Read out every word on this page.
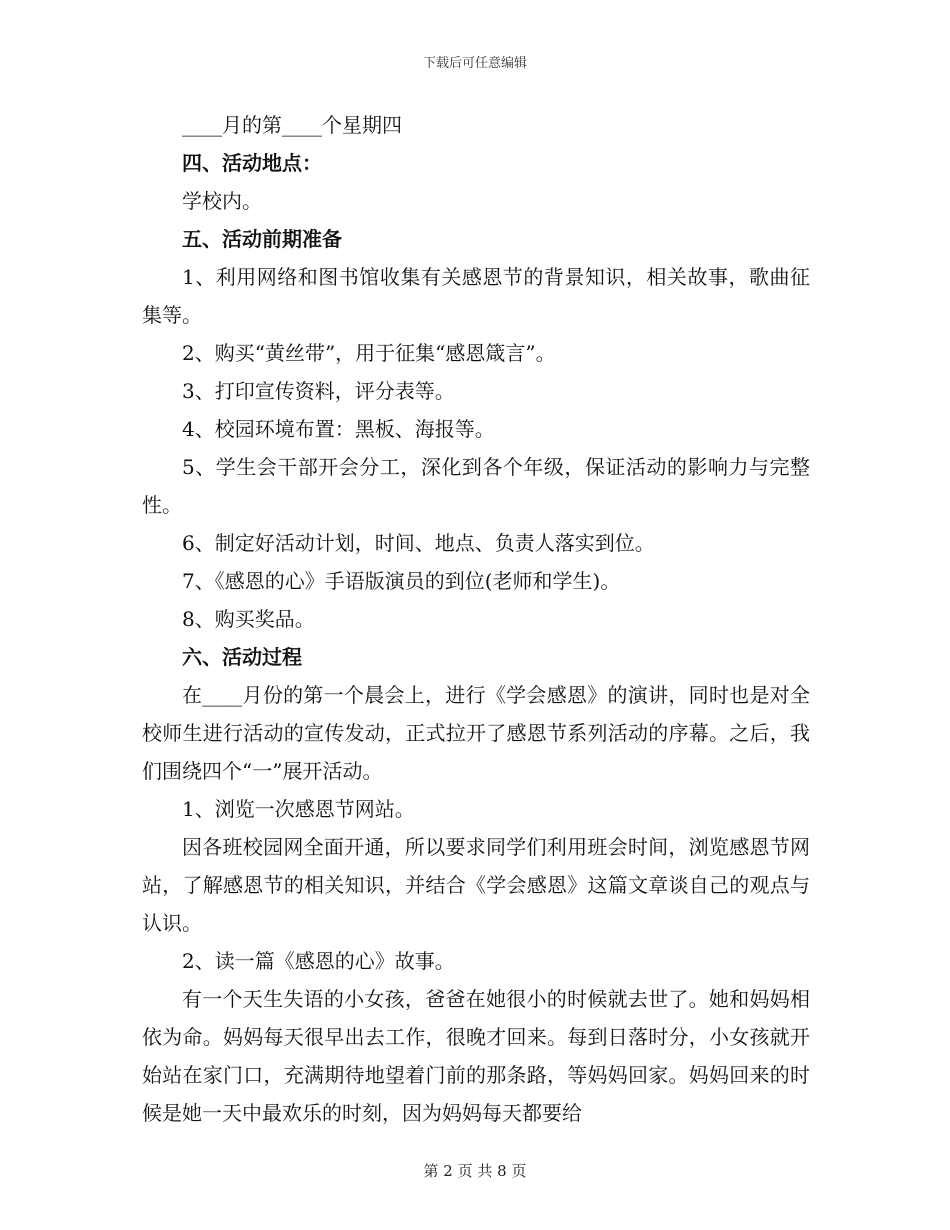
下载后可任意编辑

____月的第____个星期四

四、活动地点：

学校内。

五、活动前期准备

1、利用网络和图书馆收集有关感恩节的背景知识，相关故事，歌曲征集等。

2、购买“黄丝带”，用于征集“感恩箴言”。

3、打印宣传资料，评分表等。

4、校园环境布置：黑板、海报等。

5、学生会干部开会分工，深化到各个年级，保证活动的影响力与完整性。

6、制定好活动计划，时间、地点、负责人落实到位。

7、《感恩的心》手语版演员的到位(老师和学生)。

8、购买奖品。

六、活动过程

在____月份的第一个晨会上，进行《学会感恩》的演讲，同时也是对全校师生进行活动的宣传发动，正式拉开了感恩节系列活动的序幕。之后，我们围绕四个“一”展开活动。

1、浏览一次感恩节网站。

因各班校园网全面开通，所以要求同学们利用班会时间，浏览感恩节网站，了解感恩节的相关知识，并结合《学会感恩》这篇文章谈自己的观点与认识。

2、读一篇《感恩的心》故事。

有一个天生失语的小女孩，爸爸在她很小的时候就去世了。她和妈妈相依为命。妈妈每天很早出去工作，很晚才回来。每到日落时分，小女孩就开始站在家门口，充满期待地望着门前的那条路，等妈妈回家。妈妈回来的时候是她一天中最欢乐的时刻，因为妈妈每天都要给

第 2 页 共 8 页
